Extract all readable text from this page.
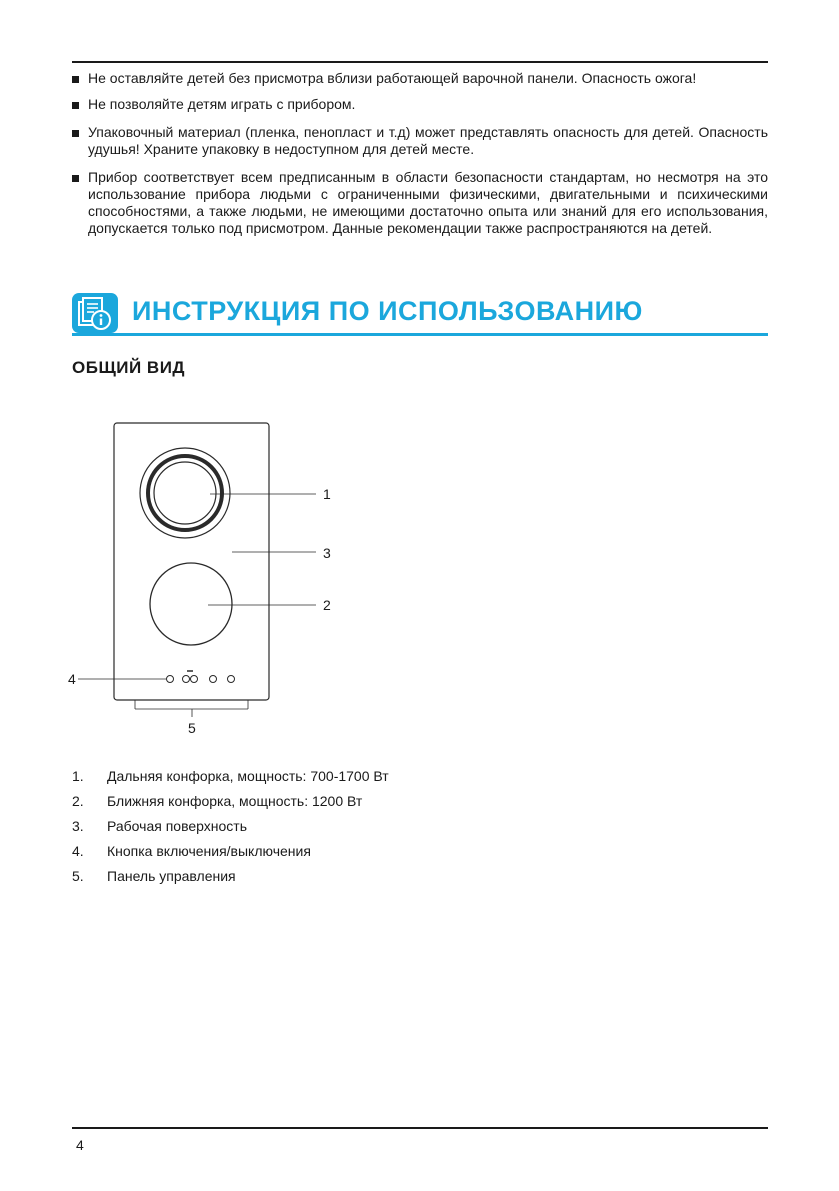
Не оставляйте детей без присмотра вблизи работающей варочной панели. Опасность ожога!
Не позволяйте детям играть с прибором.
Упаковочный материал (пленка, пенопласт и т.д) может представлять опасность для детей. Опасность удушья! Храните упаковку в недоступном для детей месте.
Прибор соответствует всем предписанным в области безопасности стандартам, но несмотря на это использование прибора людьми с ограниченными физическими, двигательными и психическими способностями, а также людьми, не имеющими достаточно опыта или знаний для его использования, допускается только под присмотром. Данные рекомендации также распространяются на детей.
ИНСТРУКЦИЯ ПО ИСПОЛЬЗОВАНИЮ
ОБЩИЙ ВИД
1
3
2
4
5
1.	Дальняя конфорка, мощность: 700-1700 Вт
2.	Ближняя конфорка, мощность: 1200 Вт
3.	Рабочая поверхность
4.	Кнопка включения/выключения
5.	Панель управления
4
